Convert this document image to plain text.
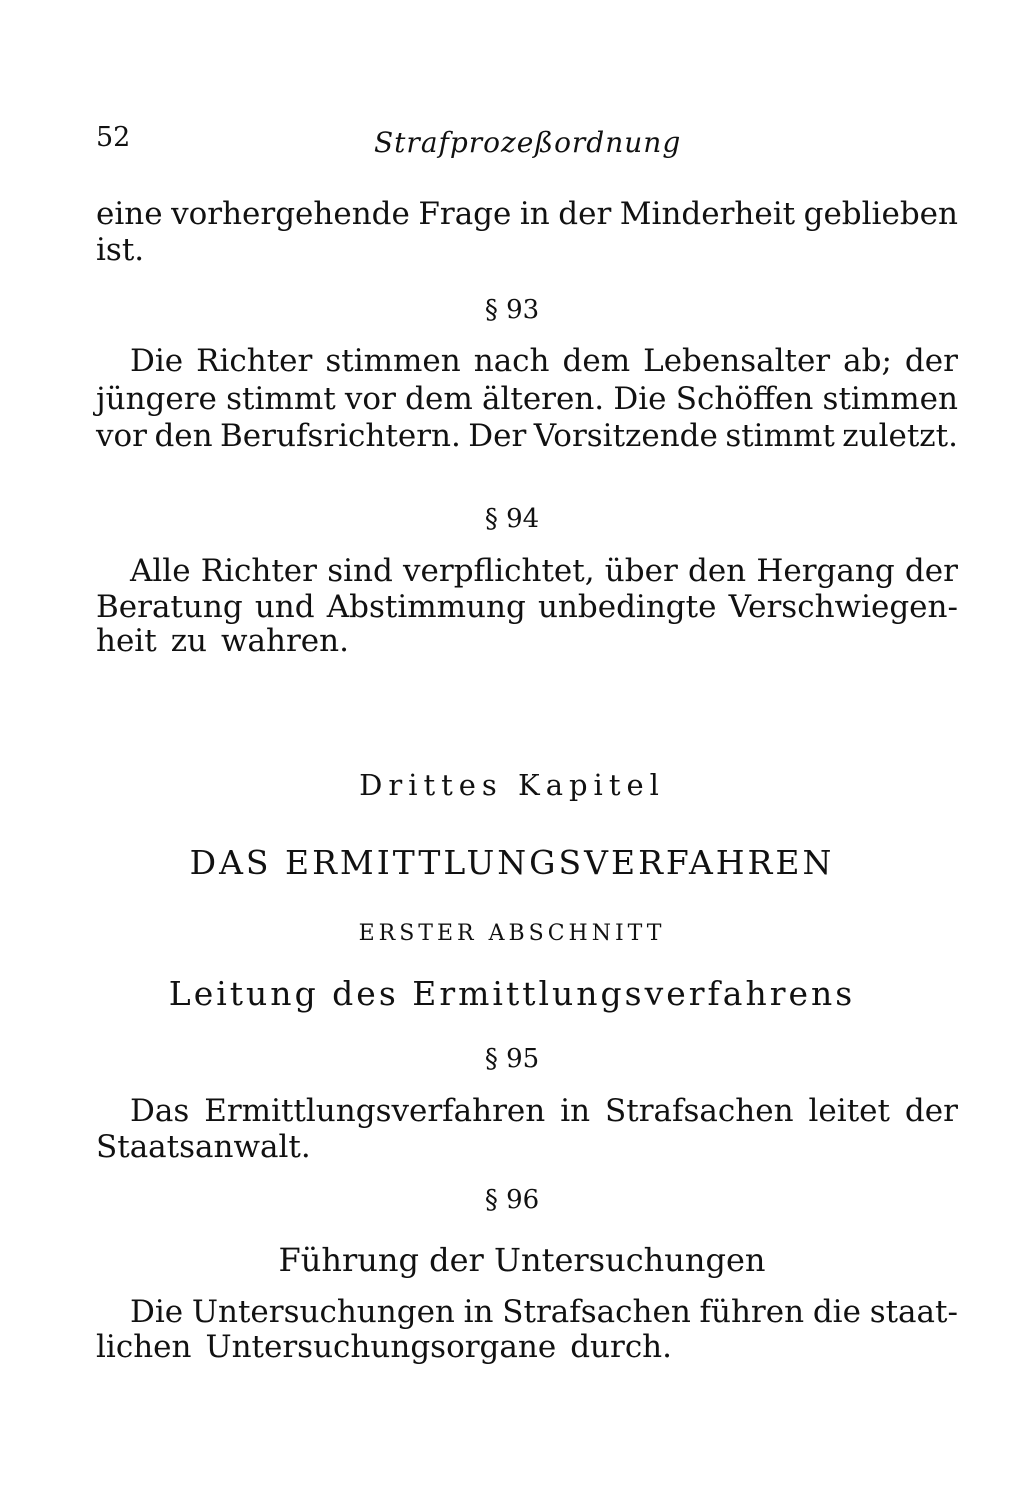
52	Strafprozeßordnung
eine vorhergehende Frage in der Minderheit geblieben
ist.
§ 93
Die Richter stimmen nach dem Lebensalter ab; der
jüngere stimmt vor dem älteren. Die Schöffen stimmen
vor den Berufsrichtern. Der Vorsitzende stimmt zuletzt.
§ 94
Alle Richter sind verpflichtet, über den Hergang der
Beratung und Abstimmung unbedingte Verschwiegen-
heit zu wahren.
Drittes Kapitel
DAS ERMITTLUNGSVERFAHREN
ERSTER ABSCHNITT
Leitung des Ermittlungsverfahrens
§ 95
Das Ermittlungsverfahren in Strafsachen leitet der
Staatsanwalt.
§ 96
Führung der Untersuchungen
Die Untersuchungen in Strafsachen führen die staat-
lichen Untersuchungsorgane durch.
